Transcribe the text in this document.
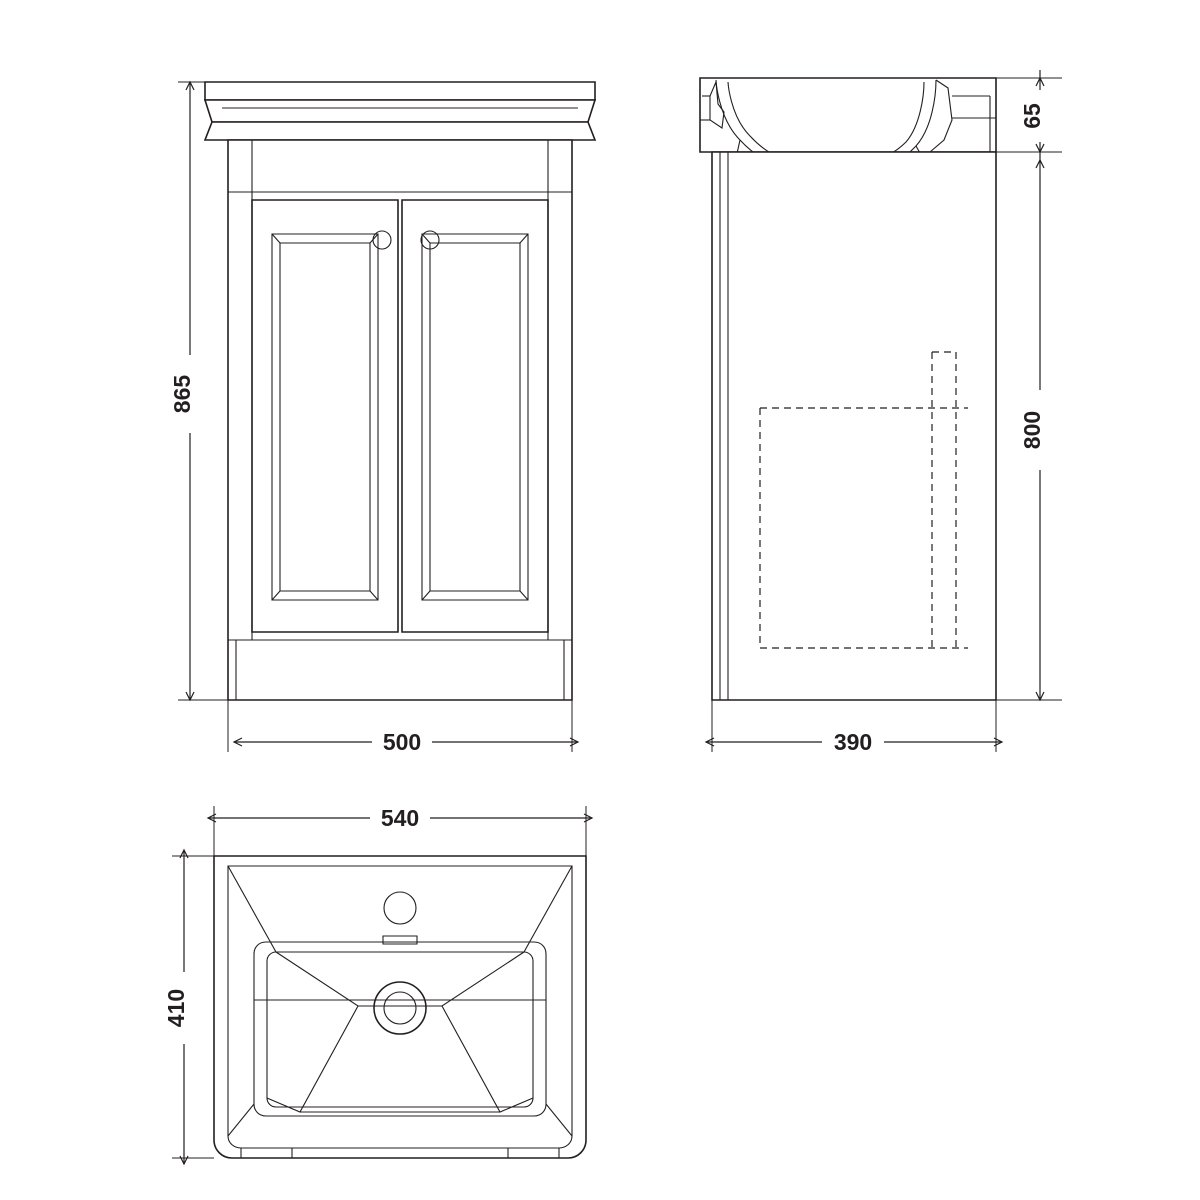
865
500
65
800
390
540
410
